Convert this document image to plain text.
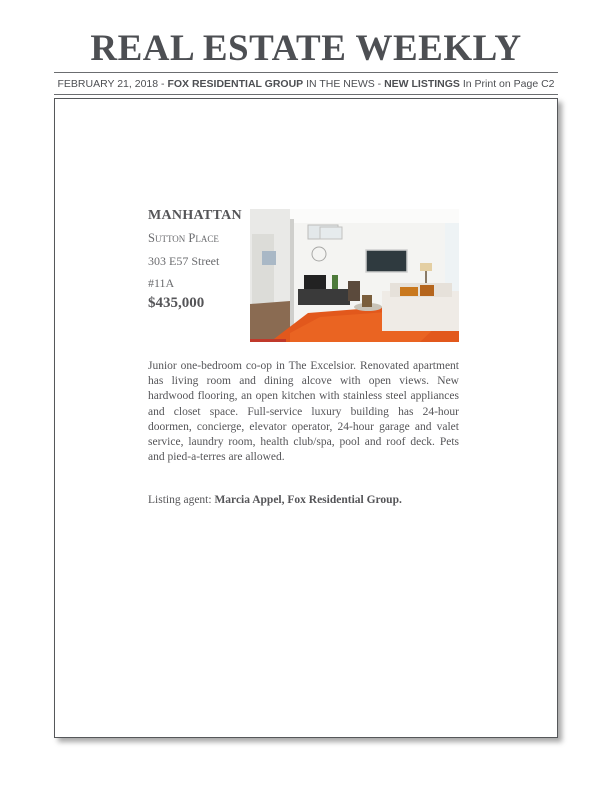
REAL ESTATE WEEKLY
FEBRUARY 21, 2018 - FOX RESIDENTIAL GROUP IN THE NEWS - NEW LISTINGS In Print on Page C2
MANHATTAN
Sutton Place
303 E57 Street
#11A
$435,000

Junior one-bedroom co-op in The Excelsior. Renovated apartment has living room and dining alcove with open views. New hardwood flooring, an open kitchen with stainless steel appliances and closet space. Full-service luxury building has 24-hour doormen, concierge, elevator operator, 24-hour garage and valet service, laundry room, health club/spa, pool and roof deck. Pets and pied-a-terres are allowed.

Listing agent: Marcia Appel, Fox Residential Group.
